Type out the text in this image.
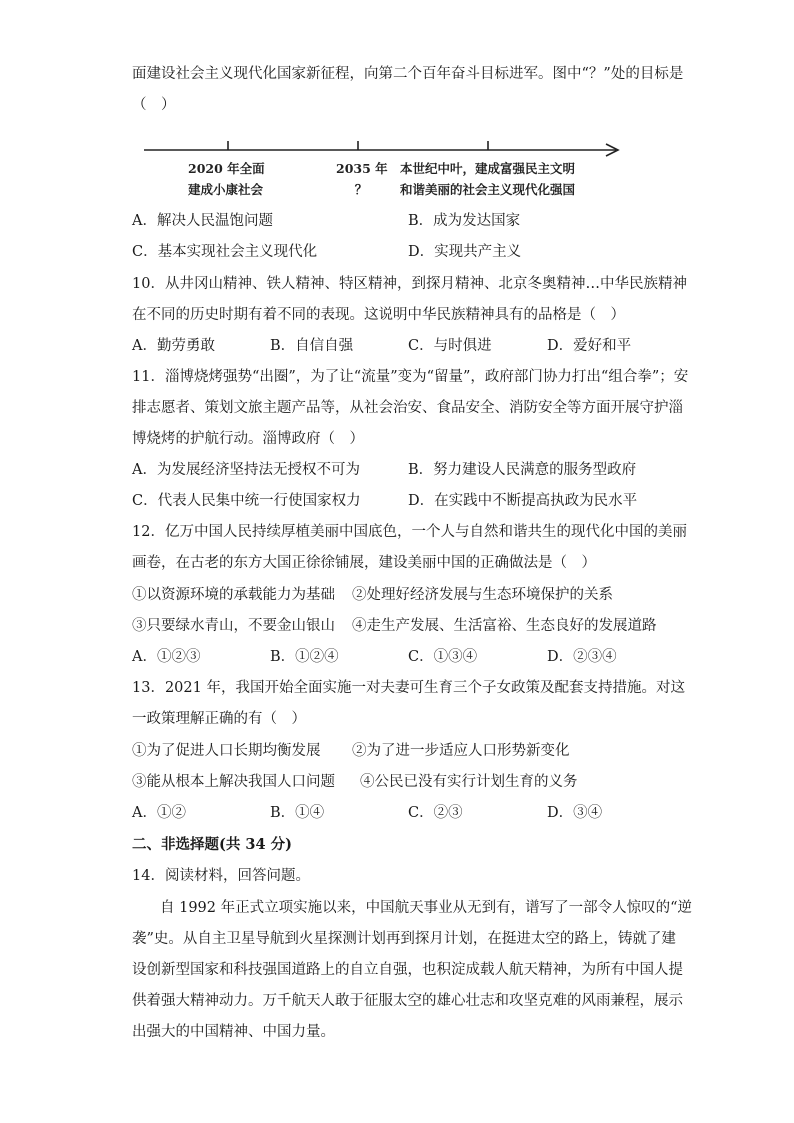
面建设社会主义现代化国家新征程，向第二个百年奋斗目标进军。图中“？”处的目标是
（　）
2020 年全面
建成小康社会
2035 年
？
本世纪中叶，建成富强民主文明
和谐美丽的社会主义现代化强国
A．解决人民温饱问题	B．成为发达国家
C．基本实现社会主义现代化	D．实现共产主义
10．从井冈山精神、铁人精神、特区精神，到探月精神、北京冬奥精神…中华民族精神
在不同的历史时期有着不同的表现。这说明中华民族精神具有的品格是（　）
A．勤劳勇敢	B．自信自强	C．与时俱进	D．爱好和平
11．淄博烧烤强势“出圈”，为了让“流量”变为“留量”，政府部门协力打出“组合拳”；安
排志愿者、策划文旅主题产品等，从社会治安、食品安全、消防安全等方面开展守护淄
博烧烤的护航行动。淄博政府（　）
A．为发展经济坚持法无授权不可为	B．努力建设人民满意的服务型政府
C．代表人民集中统一行使国家权力	D．在实践中不断提高执政为民水平
12．亿万中国人民持续厚植美丽中国底色，一个人与自然和谐共生的现代化中国的美丽
画卷，在古老的东方大国正徐徐铺展，建设美丽中国的正确做法是（　）
①以资源环境的承载能力为基础 ②处理好经济发展与生态环境保护的关系
③只要绿水青山，不要金山银山 ④走生产发展、生活富裕、生态良好的发展道路
A．①②③	B．①②④	C．①③④	D．②③④
13．2021 年，我国开始全面实施一对夫妻可生育三个子女政策及配套支持措施。对这
一政策理解正确的有（　）
①为了促进人口长期均衡发展 ②为了进一步适应人口形势新变化
③能从根本上解决我国人口问题 ④公民已没有实行计划生育的义务
A．①②	B．①④	C．②③	D．③④
二、非选择题(共 34 分)
14．阅读材料，回答问题。
自 1992 年正式立项实施以来，中国航天事业从无到有，谱写了一部令人惊叹的“逆
袭”史。从自主卫星导航到火星探测计划再到探月计划，在挺进太空的路上，铸就了建
设创新型国家和科技强国道路上的自立自强，也积淀成载人航天精神，为所有中国人提
供着强大精神动力。万千航天人敢于征服太空的雄心壮志和攻坚克难的风雨兼程，展示
出强大的中国精神、中国力量。
